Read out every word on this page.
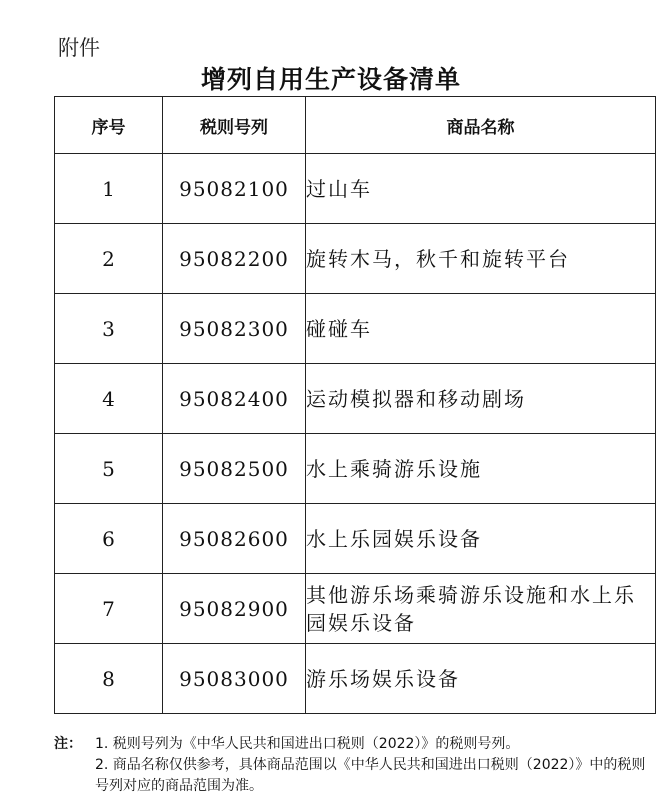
附件
增列自用生产设备清单
序号	税则号列	商品名称
1	95082100	过山车
2	95082200	旋转木马，秋千和旋转平台
3	95082300	碰碰车
4	95082400	运动模拟器和移动剧场
5	95082500	水上乘骑游乐设施
6	95082600	水上乐园娱乐设备
7	95082900	其他游乐场乘骑游乐设施和水上乐园娱乐设备
8	95083000	游乐场娱乐设备
注： 1. 税则号列为《中华人民共和国进出口税则（2022）》的税则号列。
2. 商品名称仅供参考，具体商品范围以《中华人民共和国进出口税则（2022）》中的税则号列对应的商品范围为准。
